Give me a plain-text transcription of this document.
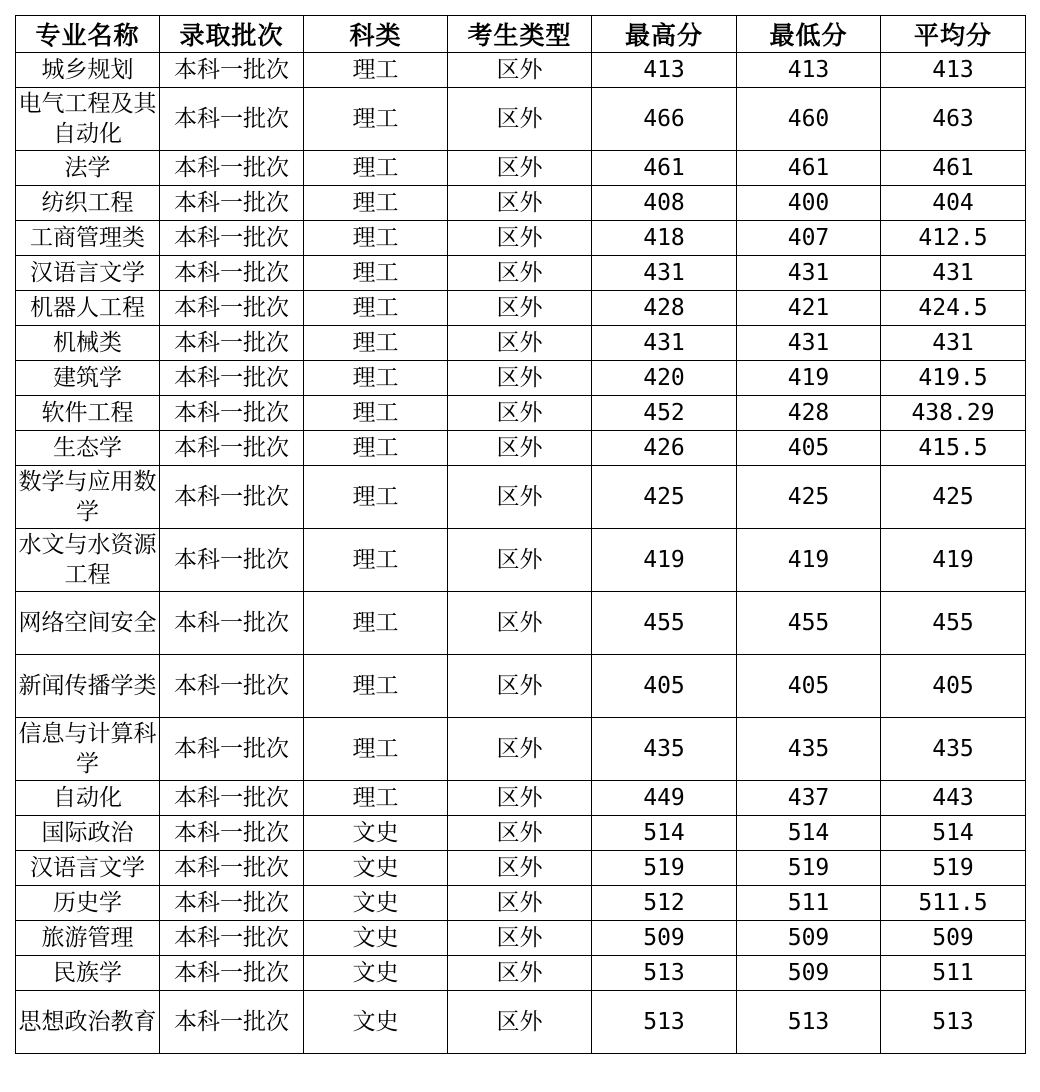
专业名称	录取批次	科类	考生类型	最高分	最低分	平均分
城乡规划	本科一批次	理工	区外	413	413	413
电气工程及其自动化	本科一批次	理工	区外	466	460	463
法学	本科一批次	理工	区外	461	461	461
纺织工程	本科一批次	理工	区外	408	400	404
工商管理类	本科一批次	理工	区外	418	407	412.5
汉语言文学	本科一批次	理工	区外	431	431	431
机器人工程	本科一批次	理工	区外	428	421	424.5
机械类	本科一批次	理工	区外	431	431	431
建筑学	本科一批次	理工	区外	420	419	419.5
软件工程	本科一批次	理工	区外	452	428	438.29
生态学	本科一批次	理工	区外	426	405	415.5
数学与应用数学	本科一批次	理工	区外	425	425	425
水文与水资源工程	本科一批次	理工	区外	419	419	419
网络空间安全	本科一批次	理工	区外	455	455	455
新闻传播学类	本科一批次	理工	区外	405	405	405
信息与计算科学	本科一批次	理工	区外	435	435	435
自动化	本科一批次	理工	区外	449	437	443
国际政治	本科一批次	文史	区外	514	514	514
汉语言文学	本科一批次	文史	区外	519	519	519
历史学	本科一批次	文史	区外	512	511	511.5
旅游管理	本科一批次	文史	区外	509	509	509
民族学	本科一批次	文史	区外	513	509	511
思想政治教育	本科一批次	文史	区外	513	513	513
